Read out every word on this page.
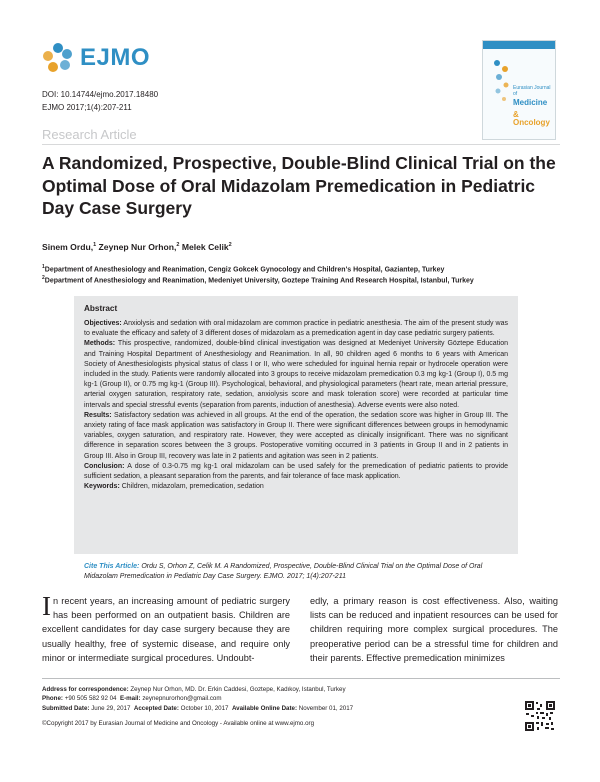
EJMO
DOI: 10.14744/ejmo.2017.18480
EJMO 2017;1(4):207-211
Eurasian Journal of
Medicine
& Oncology
Research Article
A Randomized, Prospective, Double-Blind Clinical Trial on the Optimal Dose of Oral Midazolam Premedication in Pediatric Day Case Surgery
Sinem Ordu,$^1$ Zeynep Nur Orhon,$^2$ Melek Celik$^2$
$^1$Department of Anesthesiology and Reanimation, Cengiz Gokcek Gynocology and Children's Hospital, Gaziantep, Turkey
$^2$Department of Anesthesiology and Reanimation, Medeniyet University, Goztepe Training And Research Hospital, Istanbul, Turkey
Abstract

Objectives: Anxiolysis and sedation with oral midazolam are common practice in pediatric anesthesia. The aim of the present study was to evaluate the efficacy and safety of 3 different doses of midazolam as a premedication agent in day case pediatric surgery patients.

Methods: This prospective, randomized, double-blind clinical investigation was designed at Medeniyet University Göztepe Education and Training Hospital Department of Anesthesiology and Reanimation. In all, 90 children aged 6 months to 6 years with American Society of Anesthesiologists physical status of class I or II, who were scheduled for inguinal hernia repair or hydrocele operation were included in the study. Patients were randomly allocated into 3 groups to receive midazolam premedication 0.3 mg kg-1 (Group I), 0.5 mg kg-1 (Group II), or 0.75 mg kg-1 (Group III). Psychological, behavioral, and physiological parameters (heart rate, mean arterial pressure, arterial oxygen saturation, respiratory rate, sedation, anxiolysis score and mask toleration score) were recorded at particular time intervals and special stressful events (separation from parents, induction of anesthesia). Adverse events were also noted.

Results: Satisfactory sedation was achieved in all groups. At the end of the operation, the sedation score was higher in Group III. The anxiety rating of face mask application was satisfactory in Group II. There were significant differences between groups in hemodynamic variables, oxygen saturation, and respiratory rate. However, they were accepted as clinically insignificant. There was no significant difference in separation scores between the 3 groups. Postoperative vomiting occurred in 3 patients in Group II and in 2 patients in Group III. Also in Group III, recovery was late in 2 patients and agitation was seen in 2 patients.

Conclusion: A dose of 0.3-0.75 mg kg-1 oral midazolam can be used safely for the premedication of pediatric patients to provide sufficient sedation, a pleasant separation from the parents, and fair tolerance of face mask application.

Keywords: Children, midazolam, premedication, sedation

Cite This Article: Ordu S, Orhon Z, Celik M. A Randomized, Prospective, Double-Blind Clinical Trial on the Optimal Dose of Oral Midazolam Premedication in Pediatric Day Case Surgery. EJMO. 2017; 1(4):207-211
In recent years, an increasing amount of pediatric surgery has been performed on an outpatient basis. Children are excellent candidates for day case surgery because they are usually healthy, free of systemic disease, and require only minor or intermediate surgical procedures. Undoubt-
edly, a primary reason is cost effectiveness. Also, waiting lists can be reduced and inpatient resources can be used for children requiring more complex surgical procedures. The preoperative period can be a stressful time for children and their parents. Effective premedication minimizes
Address for correspondence: Zeynep Nur Orhon, MD. Dr. Erkin Caddesi, Goztepe, Kadıkoy, Istanbul, Turkey
Phone: +90 505 582 92 04 E-mail: zeynepnurorhon@gmail.com
Submitted Date: June 29, 2017 Accepted Date: October 10, 2017 Available Online Date: November 01, 2017
©Copyright 2017 by Eurasian Journal of Medicine and Oncology - Available online at www.ejmo.org
